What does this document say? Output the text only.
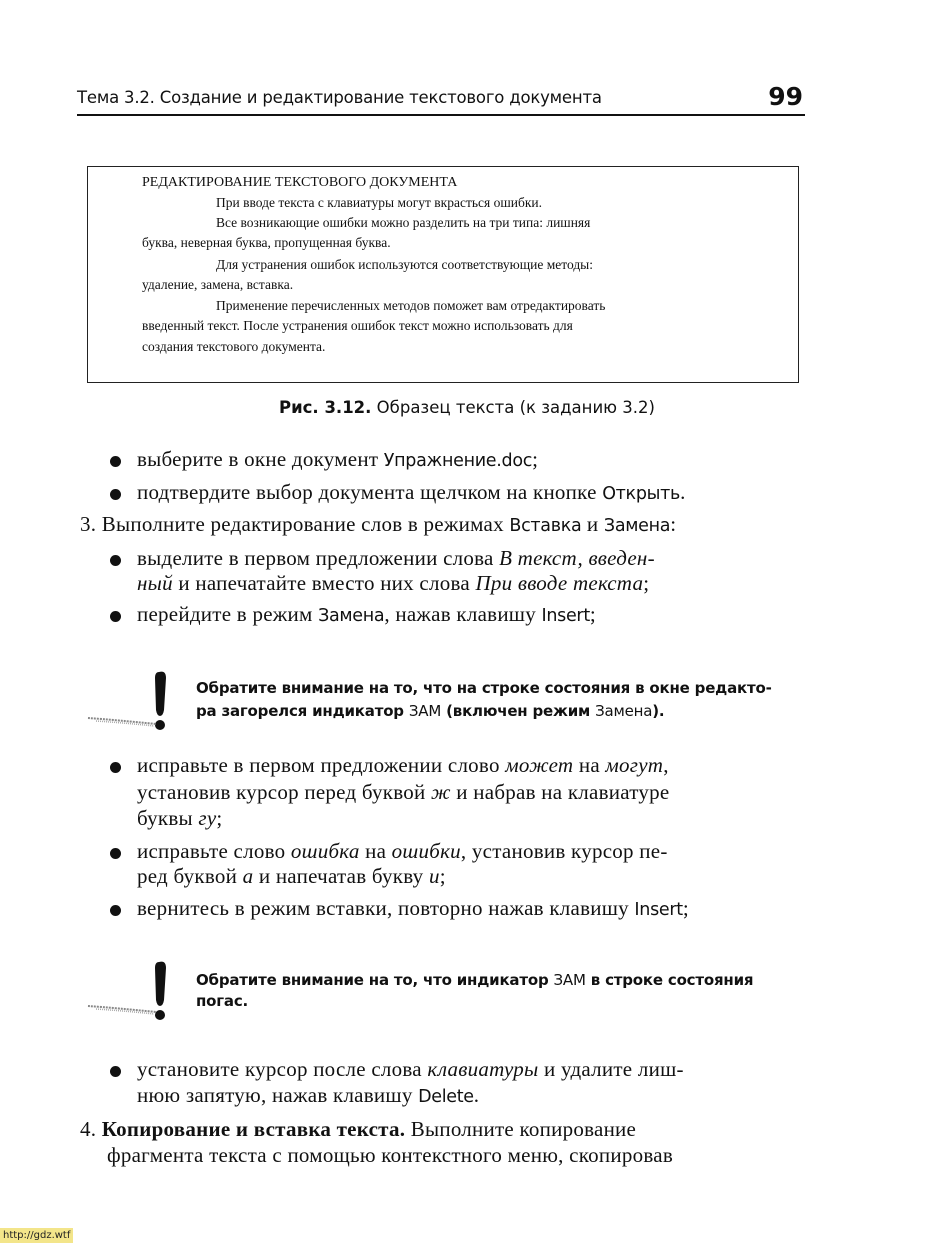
Тема 3.2. Создание и редактирование текстового документа	99
РЕДАКТИРОВАНИЕ ТЕКСТОВОГО ДОКУМЕНТА
При вводе текста с клавиатуры могут вкрасться ошибки.
Все возникающие ошибки можно разделить на три типа: лишняя
буква, неверная буква, пропущенная буква.
Для устранения ошибок используются соответствующие методы:
удаление, замена, вставка.
Применение перечисленных методов поможет вам отредактировать
введенный текст. После устранения ошибок текст можно использовать для
создания текстового документа.
Рис. 3.12. Образец текста (к заданию 3.2)
выберите в окне документ Упражнение.doc;
подтвердите выбор документа щелчком на кнопке Открыть.
3. Выполните редактирование слов в режимах Вставка и Замена:
выделите в первом предложении слова В текст, введен-
ный и напечатайте вместо них слова При вводе текста;
перейдите в режим Замена, нажав клавишу Insert;
Обратите внимание на то, что на строке состояния в окне редакто-
ра загорелся индикатор ЗАМ (включен режим Замена).
исправьте в первом предложении слово может на могут,
установив курсор перед буквой ж и набрав на клавиатуре
буквы гу;
исправьте слово ошибка на ошибки, установив курсор пе-
ред буквой а и напечатав букву и;
вернитесь в режим вставки, повторно нажав клавишу Insert;
Обратите внимание на то, что индикатор ЗАМ в строке состояния
погас.
установите курсор после слова клавиатуры и удалите лиш-
нюю запятую, нажав клавишу Delete.
4. Копирование и вставка текста. Выполните копирование
фрагмента текста с помощью контекстного меню, скопировав
http://gdz.wtf
